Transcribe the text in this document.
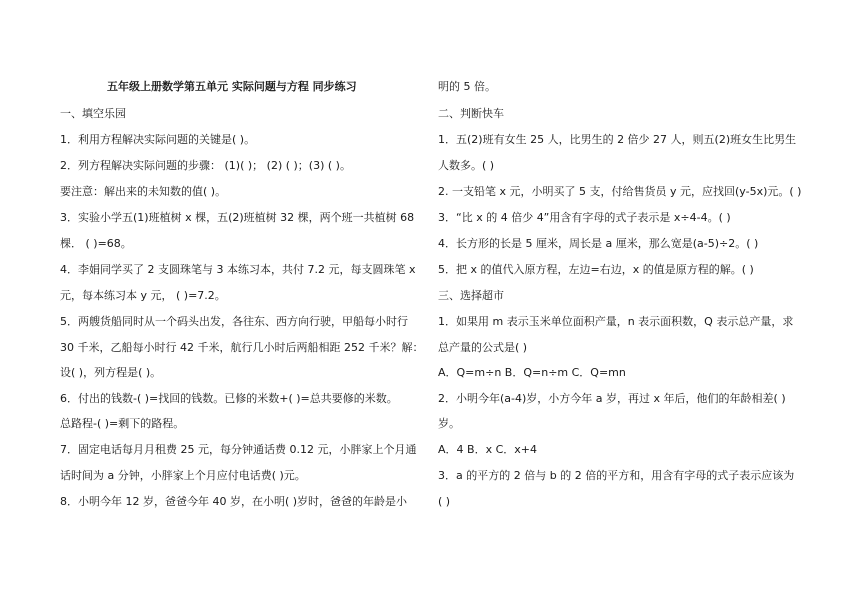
五年级上册数学第五单元 实际问题与方程 同步练习
一、填空乐园
1．利用方程解决实际问题的关键是( )。
2．列方程解决实际问题的步骤： (1)( )； (2) ( )；(3) ( )。
要注意：解出来的未知数的值( )。
3．实验小学五(1)班植树 x 棵，五(2)班植树 32 棵，两个班一共植树 68
棵． ( )=68。
4．李娟同学买了 2 支圆珠笔与 3 本练习本，共付 7.2 元，每支圆珠笔 x
元，每本练习本 y 元， ( )=7.2。
5．两艘货船同时从一个码头出发，各往东、西方向行驶，甲船每小时行
30 千米，乙船每小时行 42 千米，航行几小时后两船相距 252 千米？解：
设( )，列方程是( )。
6．付出的钱数-( )=找回的钱数。已修的米数+( )=总共要修的米数。
总路程-( )=剩下的路程。
7．固定电话每月月租费 25 元，每分钟通话费 0.12 元，小胖家上个月通
话时间为 a 分钟，小胖家上个月应付电话费( )元。
8．小明今年 12 岁，爸爸今年 40 岁，在小明( )岁时，爸爸的年龄是小
明的 5 倍。
二、判断快车
1．五(2)班有女生 25 人，比男生的 2 倍少 27 人，则五(2)班女生比男生
人数多。( )
2. 一支铅笔 x 元，小明买了 5 支，付给售货员 y 元，应找回(y-5x)元。( )
3．“比 x 的 4 倍少 4”用含有字母的式子表示是 x÷4-4。( )
4．长方形的长是 5 厘米，周长是 a 厘米，那么宽是(a-5)÷2。( )
5．把 x 的值代入原方程，左边=右边，x 的值是原方程的解。( )
三、选择超市
1．如果用 m 表示玉米单位面积产量，n 表示面积数，Q 表示总产量，求
总产量的公式是( )
A．Q=m÷n B．Q=n÷m C．Q=mn
2．小明今年(a-4)岁，小方今年 a 岁，再过 x 年后，他们的年龄相差( )
岁。
A．4 B．x C．x+4
3．a 的平方的 2 倍与 b 的 2 倍的平方和，用含有字母的式子表示应该为
( )
